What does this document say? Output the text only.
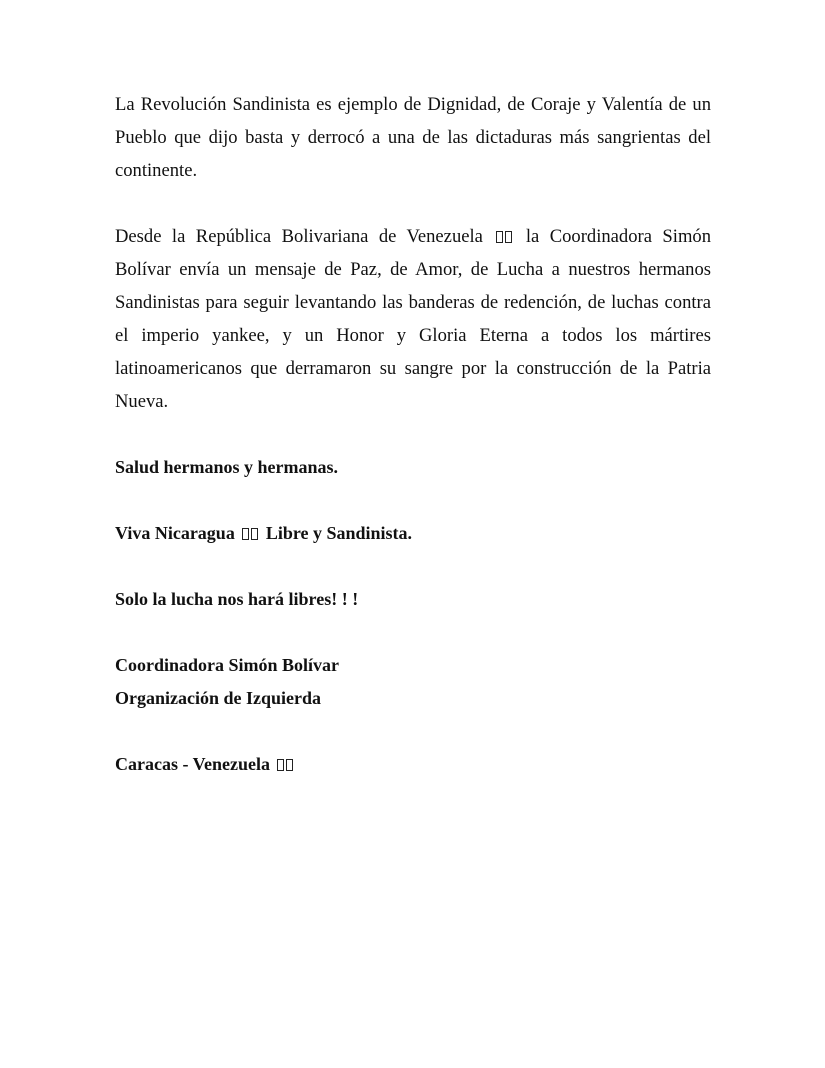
La Revolución Sandinista es ejemplo de Dignidad, de Coraje y Valentía de un Pueblo que dijo basta y derrocó a una de las dictaduras más sangrientas del continente.

Desde la República Bolivariana de Venezuela la Coordinadora Simón Bolívar envía un mensaje de Paz, de Amor, de Lucha a nuestros hermanos Sandinistas para seguir levantando las banderas de redención, de luchas contra el imperio yankee, y un Honor y Gloria Eterna a todos los mártires latinoamericanos que derramaron su sangre por la construcción de la Patria Nueva.

Salud hermanos y hermanas.

Viva Nicaragua Libre y Sandinista.

Solo la lucha nos hará libres! ! !

Coordinadora Simón Bolívar

Organización de Izquierda

Caracas - Venezuela
